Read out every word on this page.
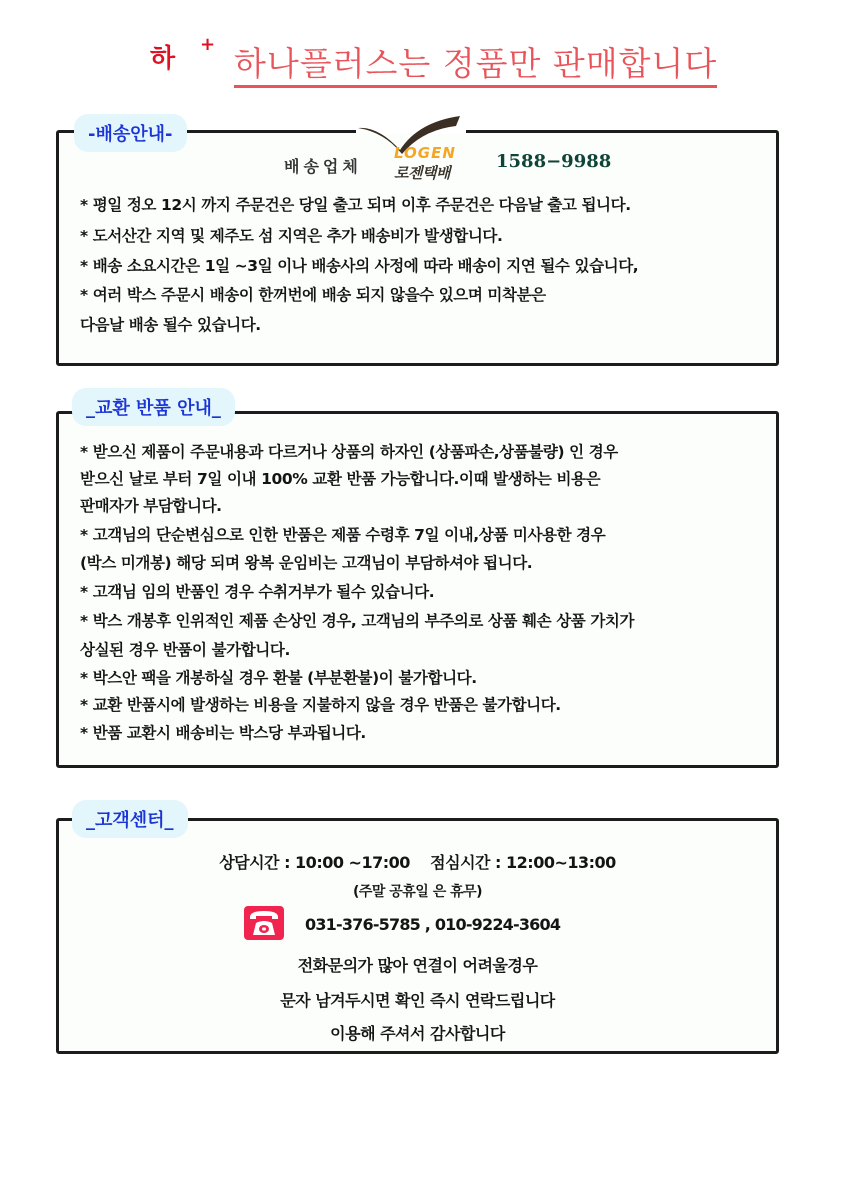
하 + 하나플러스는 정품만 판매합니다
-배송안내-
배송업체
LOGEN
로젠택배
1588−9988
* 평일 정오 12시 까지 주문건은 당일 출고 되며 이후 주문건은 다음날 출고 됩니다.
* 도서산간 지역 및 제주도 섬 지역은 추가 배송비가 발생합니다.
* 배송 소요시간은 1일 ~3일 이나 배송사의 사정에 따라 배송이 지연 될수 있습니다,
* 여러 박스 주문시 배송이 한꺼번에 배송 되지 않을수 있으며 미착분은
다음날 배송 될수 있습니다.
_교환 반품 안내_
* 받으신 제품이 주문내용과 다르거나 상품의 하자인 (상품파손,상품불량) 인 경우
받으신 날로 부터 7일 이내 100% 교환 반품 가능합니다.이때 발생하는 비용은
판매자가 부담합니다.
* 고객님의 단순변심으로 인한 반품은 제품 수령후 7일 이내,상품 미사용한 경우
(박스 미개봉) 해당 되며 왕복 운임비는 고객님이 부담하셔야 됩니다.
* 고객님 임의 반품인 경우 수취거부가 될수 있습니다.
* 박스 개봉후 인위적인 제품 손상인 경우, 고객님의 부주의로 상품 훼손 상품 가치가
상실된 경우 반품이 불가합니다.
* 박스안 팩을 개봉하실 경우 환불 (부분환불)이 불가합니다.
* 교환 반품시에 발생하는 비용을 지불하지 않을 경우 반품은 불가합니다.
* 반품 교환시 배송비는 박스당 부과됩니다.
_고객센터_
상담시간 : 10:00 ~17:00    점심시간 : 12:00~13:00
(주말 공휴일 은 휴무)
031-376-5785 , 010-9224-3604
전화문의가 많아 연결이 어려울경우
문자 남겨두시면 확인 즉시 연락드립니다
이용해 주셔서 감사합니다
